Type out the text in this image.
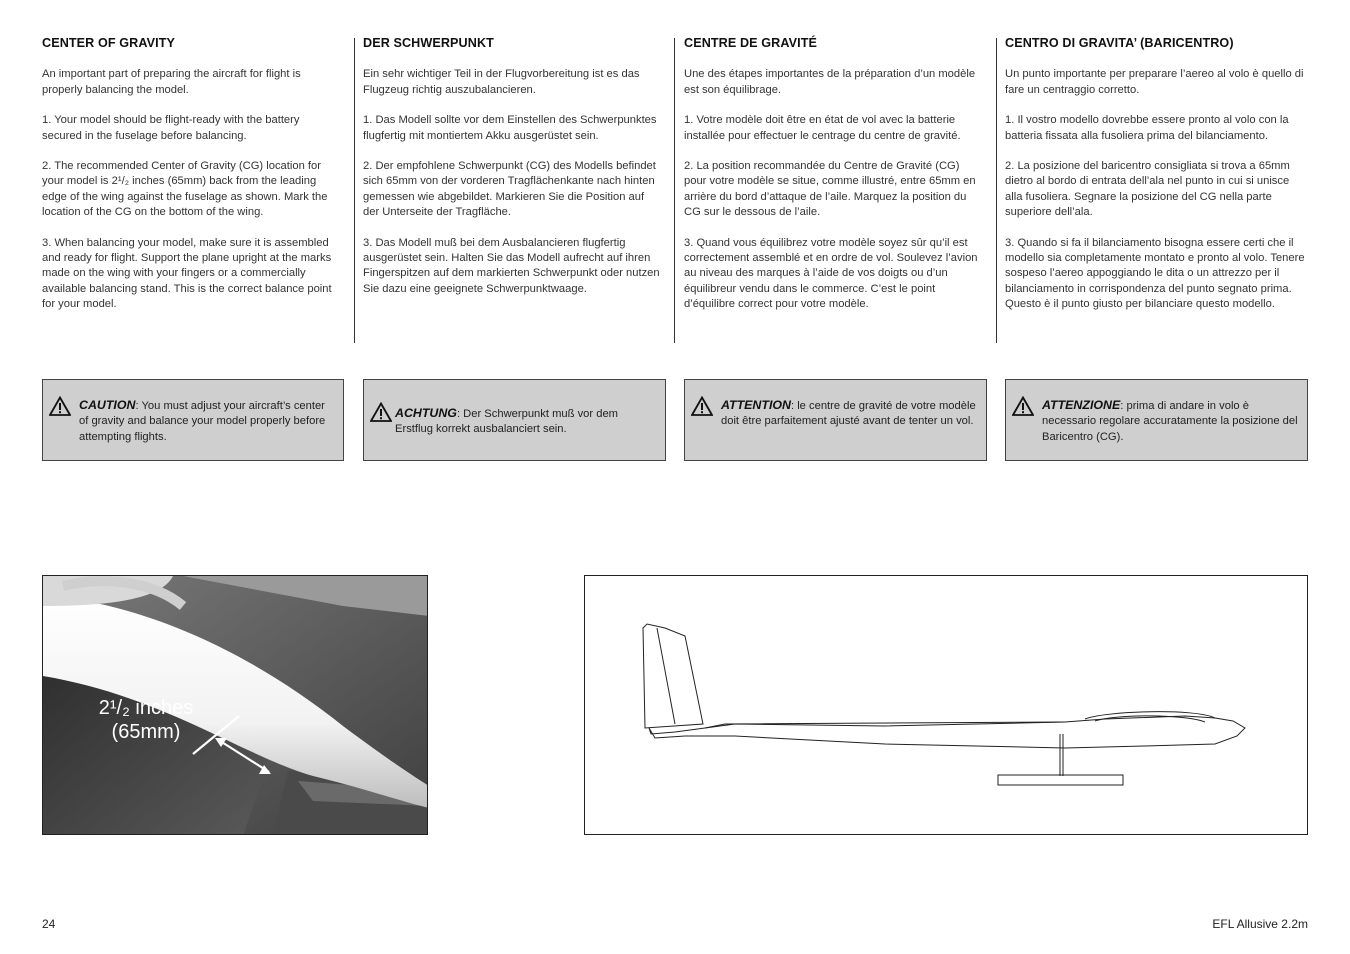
CENTER OF GRAVITY

An important part of preparing the aircraft for flight is properly balancing the model.

1. Your model should be flight-ready with the battery secured in the fuselage before balancing.

2. The recommended Center of Gravity (CG) location for your model is 2¹/₂ inches (65mm) back from the leading edge of the wing against the fuselage as shown. Mark the location of the CG on the bottom of the wing.

3. When balancing your model, make sure it is assembled and ready for flight. Support the plane upright at the marks made on the wing with your fingers or a commercially available balancing stand. This is the correct balance point for your model.

DER SCHWERPUNKT

Ein sehr wichtiger Teil in der Flugvorbereitung ist es das Flugzeug richtig auszubalancieren.

1. Das Modell sollte vor dem Einstellen des Schwerpunktes flugfertig mit montiertem Akku ausgerüstet sein.

2. Der empfohlene Schwerpunkt (CG) des Modells befindet sich 65mm von der vorderen Tragflächenkante nach hinten gemessen wie abgebildet. Markieren Sie die Position auf der Unterseite der Tragfläche.

3. Das Modell muß bei dem Ausbalancieren flugfertig ausgerüstet sein. Halten Sie das Modell aufrecht auf ihren Fingerspitzen auf dem markierten Schwerpunkt oder nutzen Sie dazu eine geeignete Schwerpunktwaage.

CENTRE DE GRAVITÉ

Une des étapes importantes de la préparation d’un modèle est son équilibrage.

1. Votre modèle doit être en état de vol avec la batterie installée pour effectuer le centrage du centre de gravité.

2. La position recommandée du Centre de Gravité (CG) pour votre modèle se situe, comme illustré, entre 65mm en arrière du bord d’attaque de l’aile. Marquez la position du CG sur le dessous de l’aile.

3. Quand vous équilibrez votre modèle soyez sûr qu’il est correctement assemblé et en ordre de vol. Soulevez l’avion au niveau des marques à l’aide de vos doigts ou d’un équilibreur vendu dans le commerce. C’est le point d’équilibre correct pour votre modèle.

CENTRO DI GRAVITA’ (BARICENTRO)

Un punto importante per preparare l’aereo al volo è quello di fare un centraggio corretto.

1. Il vostro modello dovrebbe essere pronto al volo con la batteria fissata alla fusoliera prima del bilanciamento.

2. La posizione del baricentro consigliata si trova a 65mm dietro al bordo di entrata dell’ala nel punto in cui si unisce alla fusoliera. Segnare la posizione del CG nella parte superiore dell’ala.

3. Quando si fa il bilanciamento bisogna essere certi che il modello sia completamente montato e pronto al volo. Tenere sospeso l’aereo appoggiando le dita o un attrezzo per il bilanciamento in corrispondenza del punto segnato prima. Questo è il punto giusto per bilanciare questo modello.

CAUTION: You must adjust your aircraft’s center of gravity and balance your model properly before attempting flights.
ACHTUNG: Der Schwerpunkt muß vor dem Erstflug korrekt ausbalanciert sein.
ATTENTION: le centre de gravité de votre modèle doit être parfaitement ajusté avant de tenter un vol.
ATTENZIONE: prima di andare in volo è necessario regolare accuratamente la posizione del Baricentro (CG).
2¹/₂ inches
(65mm)
24	EFL Allusive 2.2m
